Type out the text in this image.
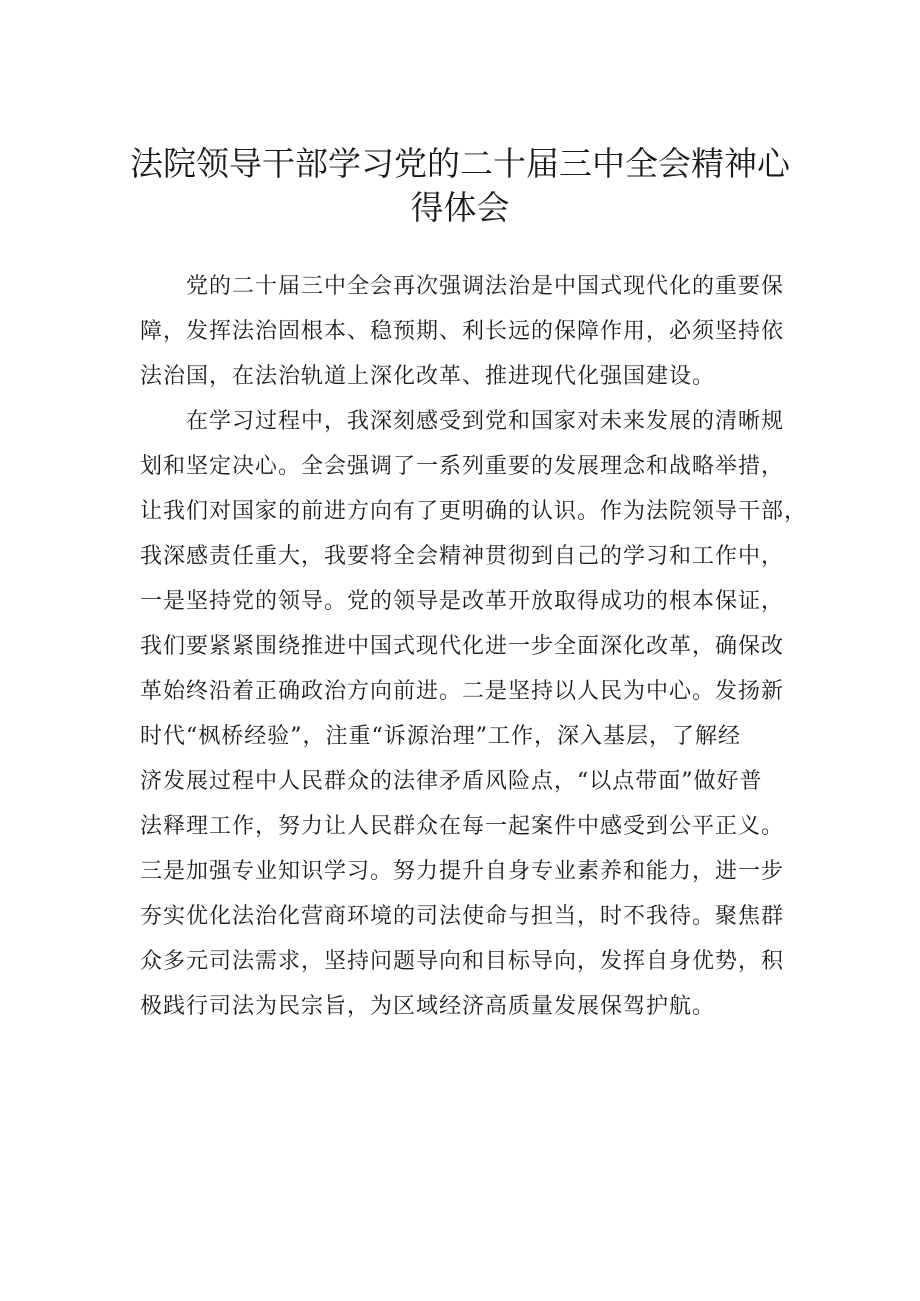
法院领导干部学习党的二十届三中全会精神心
得体会

党的二十届三中全会再次强调法治是中国式现代化的重要保
障，发挥法治固根本、稳预期、利长远的保障作用，必须坚持依
法治国，在法治轨道上深化改革、推进现代化强国建设。

在学习过程中，我深刻感受到党和国家对未来发展的清晰规
划和坚定决心。全会强调了一系列重要的发展理念和战略举措，
让我们对国家的前进方向有了更明确的认识。作为法院领导干部，
我深感责任重大，我要将全会精神贯彻到自己的学习和工作中，
一是坚持党的领导。党的领导是改革开放取得成功的根本保证，
我们要紧紧围绕推进中国式现代化进一步全面深化改革，确保改
革始终沿着正确政治方向前进。二是坚持以人民为中心。发扬新
时代“枫桥经验”，注重“诉源治理”工作，深入基层，了解经
济发展过程中人民群众的法律矛盾风险点，“以点带面”做好普
法释理工作，努力让人民群众在每一起案件中感受到公平正义。
三是加强专业知识学习。努力提升自身专业素养和能力，进一步
夯实优化法治化营商环境的司法使命与担当，时不我待。聚焦群
众多元司法需求，坚持问题导向和目标导向，发挥自身优势，积
极践行司法为民宗旨，为区域经济高质量发展保驾护航。
